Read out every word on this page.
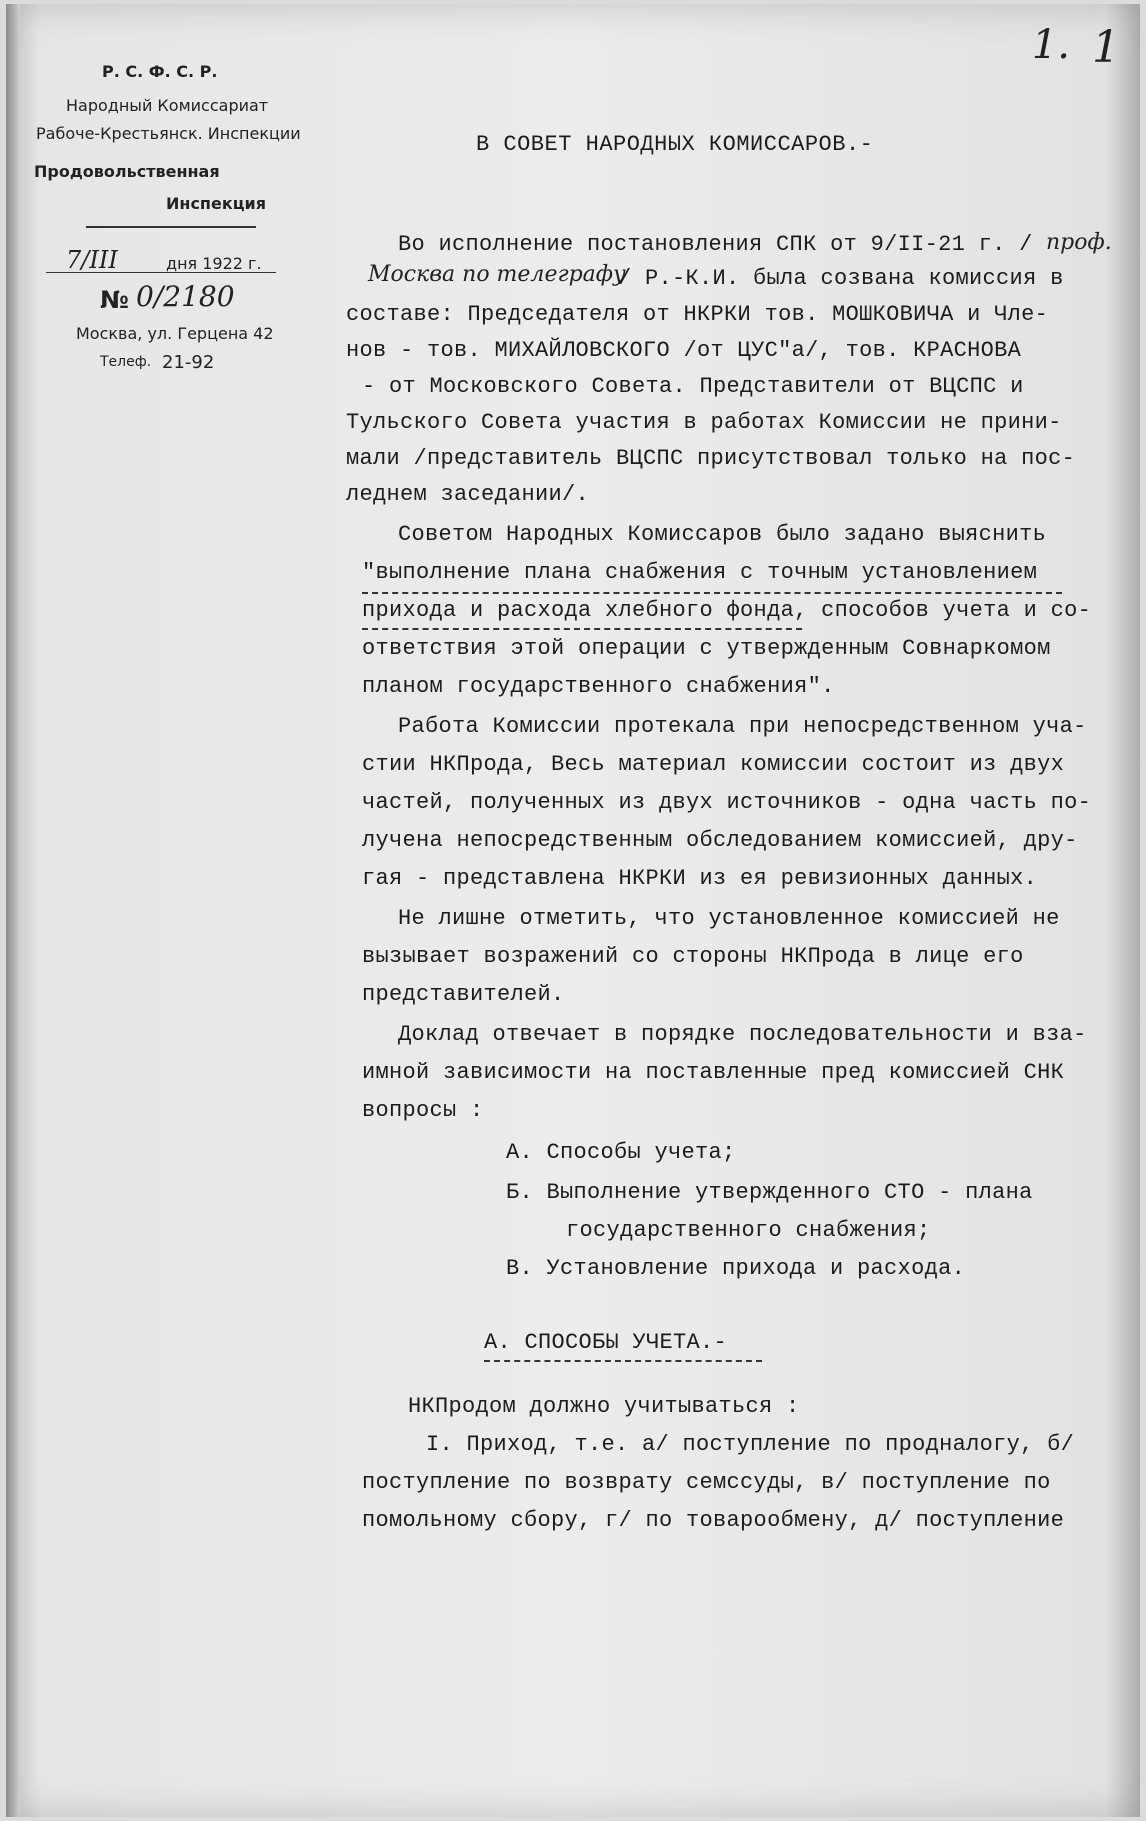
1. 1
Р. С. Ф. С. Р.
Народный Комиссариат
Рабоче-Крестьянск. Инспекции
Продовольственная
Инспекция
7/III	дня 1922 г.
№ 0/2180
Москва, ул. Герцена 42
Телеф. 21-92
В СОВЕТ НАРОДНЫХ КОМИССАРОВ.-
Москва по телеграфу
проф.
Во исполнение постановления СПК от 9/II-21 г. /
/ Р.-К.И. была созвана комиссия в
составе: Председателя от НКРКИ тов. МОШКОВИЧА и Чле-
нов - тов. МИХАЙЛОВСКОГО /от ЦУС"а/, тов. КРАСНОВА
- от Московского Совета. Представители от ВЦСПС и
Тульского Совета участия в работах Комиссии не прини-
мали /представитель ВЦСПС присутствовал только на пос-
леднем заседании/.
Советом Народных Комиссаров было задано выяснить
"выполнение плана снабжения с точным установлением
прихода и расхода хлебного фонда, способов учета и со-
ответствия этой операции с утвержденным Совнаркомом
планом государственного снабжения".
Работа Комиссии протекала при непосредственном уча-
стии НКПрода, Весь материал комиссии состоит из двух
частей, полученных из двух источников - одна часть по-
лучена непосредственным обследованием комиссией, дру-
гая - представлена НКРКИ из ея ревизионных данных.
Не лишне отметить, что установленное комиссией не
вызывает возражений со стороны НКПрода в лице его
представителей.
Доклад отвечает в порядке последовательности и вза-
имной зависимости на поставленные пред комиссией СНК
вопросы :
А. Способы учета;
Б. Выполнение утвержденного СТО - плана
государственного снабжения;
В. Установление прихода и расхода.
А. СПОСОБЫ УЧЕТА.-
НКПродом должно учитываться :
I. Приход, т.е. а/ поступление по продналогу, б/
поступление по возврату семссуды, в/ поступление по
помольному сбору, г/ по товарообмену, д/ поступление
